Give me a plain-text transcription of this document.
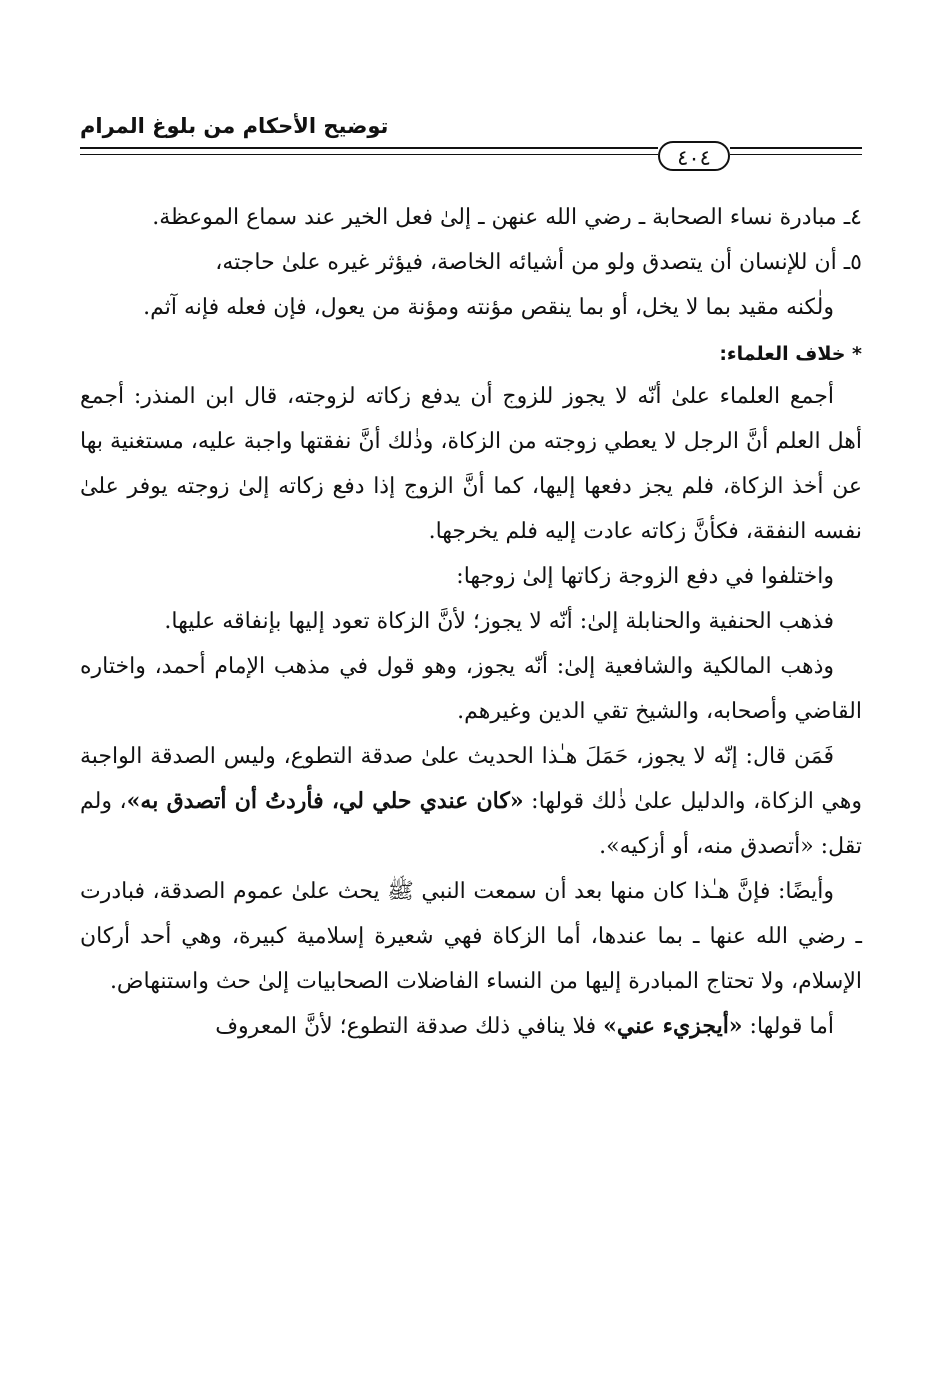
توضيح الأحكام من بلوغ المرام
٤٠٤

٤ـ مبادرة نساء الصحابة ـ رضي الله عنهن ـ إلىٰ فعل الخير عند سماع الموعظة.

٥ـ أن للإنسان أن يتصدق ولو من أشيائه الخاصة، فيؤثر غيره علىٰ حاجته،
ولٰكنه مقيد بما لا يخل، أو بما ينقص مؤنته ومؤنة من يعول، فإن فعله فإنه آثم.

* خلاف العلماء:

أجمع العلماء علىٰ أنّه لا يجوز للزوج أن يدفع زكاته لزوجته، قال ابن المنذر: أجمع أهل العلم أنَّ الرجل لا يعطي زوجته من الزكاة، وذٰلك أنَّ نفقتها واجبة عليه، مستغنية بها عن أخذ الزكاة، فلم يجز دفعها إليها، كما أنَّ الزوج إذا دفع زكاته إلىٰ زوجته يوفر علىٰ نفسه النفقة، فكأنَّ زكاته عادت إليه فلم يخرجها.

واختلفوا في دفع الزوجة زكاتها إلىٰ زوجها:

فذهب الحنفية والحنابلة إلىٰ: أنّه لا يجوز؛ لأنَّ الزكاة تعود إليها بإنفاقه عليها.

وذهب المالكية والشافعية إلىٰ: أنّه يجوز، وهو قول في مذهب الإمام أحمد، واختاره القاضي وأصحابه، والشيخ تقي الدين وغيرهم.

فَمَن قال: إنّه لا يجوز، حَمَلَ هـٰذا الحديث علىٰ صدقة التطوع، وليس الصدقة الواجبة وهي الزكاة، والدليل علىٰ ذٰلك قولها: «كان عندي حلي لي، فأردتُ أن أتصدق به»، ولم تقل: «أتصدق منه، أو أزكيه».

وأيضًا: فإنَّ هـٰذا كان منها بعد أن سمعت النبي ﷺ يحث علىٰ عموم الصدقة، فبادرت ـ رضي الله عنها ـ بما عندها، أما الزكاة فهي شعيرة إسلامية كبيرة، وهي أحد أركان الإسلام، ولا تحتاج المبادرة إليها من النساء الفاضلات الصحابيات إلىٰ حث واستنهاض.

أما قولها: «أيجزيء عني» فلا ينافي ذلك صدقة التطوع؛ لأنَّ المعروف
